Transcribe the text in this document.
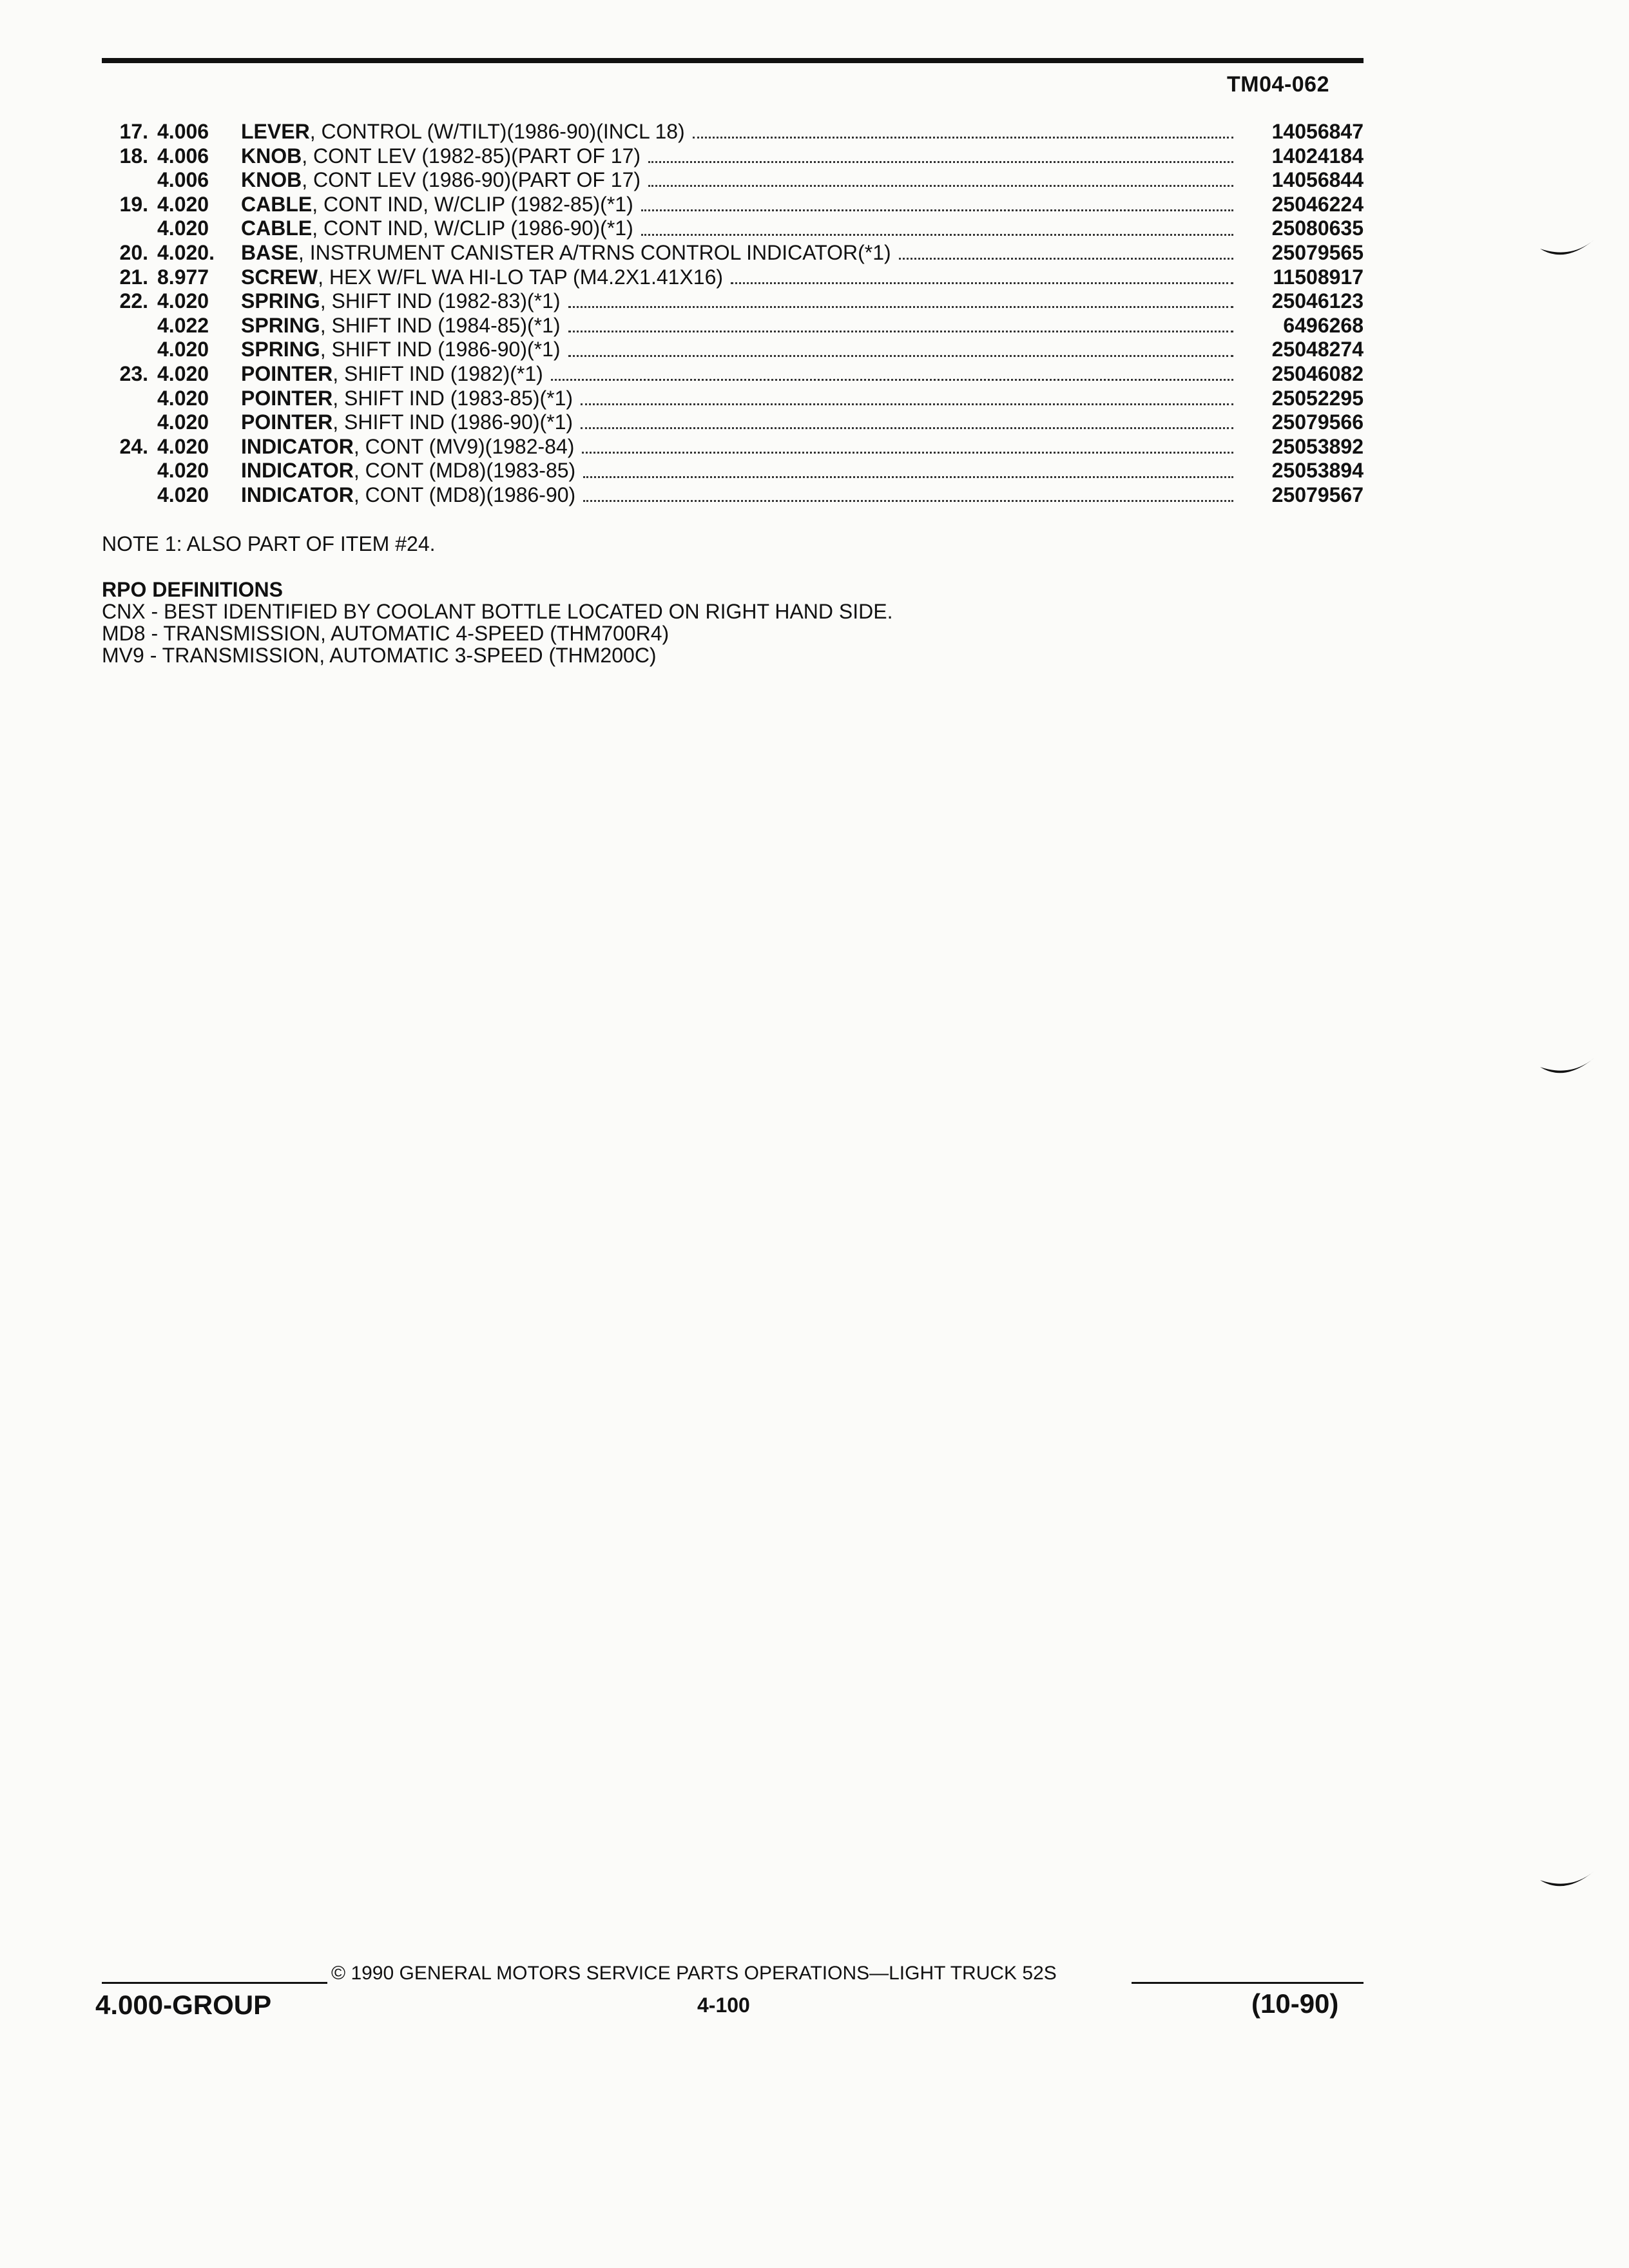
TM04-062
17. 4.006	LEVER, CONTROL (W/TILT)(1986-90)(INCL 18)	14056847
18. 4.006	KNOB, CONT LEV (1982-85)(PART OF 17)	14024184
4.006	KNOB, CONT LEV (1986-90)(PART OF 17)	14056844
19. 4.020	CABLE, CONT IND, W/CLIP (1982-85)(*1)	25046224
4.020	CABLE, CONT IND, W/CLIP (1986-90)(*1)	25080635
20. 4.020.	BASE, INSTRUMENT CANISTER A/TRNS CONTROL INDICATOR(*1)	25079565
21. 8.977	SCREW, HEX W/FL WA HI-LO TAP (M4.2X1.41X16)	11508917
22. 4.020	SPRING, SHIFT IND (1982-83)(*1)	25046123
4.022	SPRING, SHIFT IND (1984-85)(*1)	6496268
4.020	SPRING, SHIFT IND (1986-90)(*1)	25048274
23. 4.020	POINTER, SHIFT IND (1982)(*1)	25046082
4.020	POINTER, SHIFT IND (1983-85)(*1)	25052295
4.020	POINTER, SHIFT IND (1986-90)(*1)	25079566
24. 4.020	INDICATOR, CONT (MV9)(1982-84)	25053892
4.020	INDICATOR, CONT (MD8)(1983-85)	25053894
4.020	INDICATOR, CONT (MD8)(1986-90)	25079567
NOTE 1: ALSO PART OF ITEM #24.
RPO DEFINITIONS
CNX - BEST IDENTIFIED BY COOLANT BOTTLE LOCATED ON RIGHT HAND SIDE.
MD8 - TRANSMISSION, AUTOMATIC 4-SPEED (THM700R4)
MV9 - TRANSMISSION, AUTOMATIC 3-SPEED (THM200C)
© 1990 GENERAL MOTORS SERVICE PARTS OPERATIONS—LIGHT TRUCK 52S
4.000-GROUP	4-100	(10-90)
